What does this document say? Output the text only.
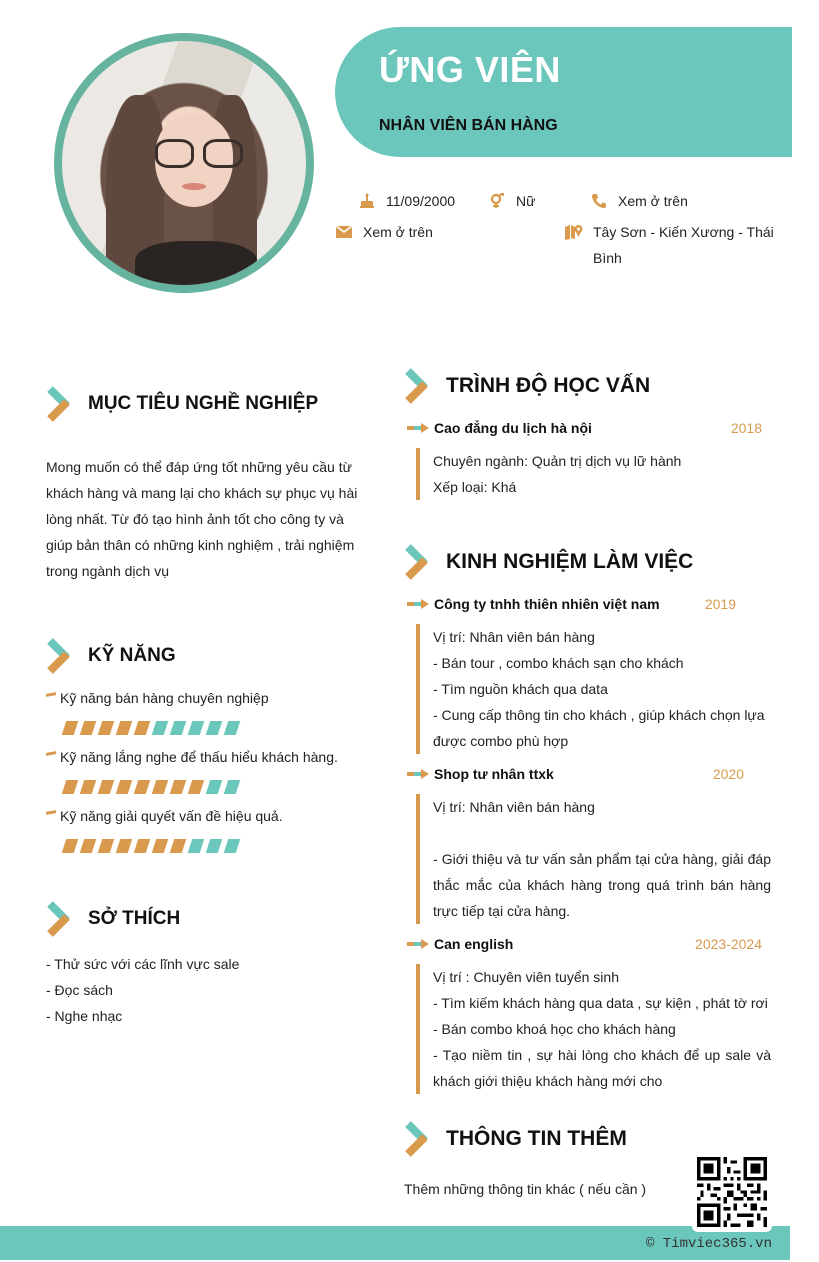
ỨNG VIÊN
NHÂN VIÊN BÁN HÀNG
11/09/2000	Nữ	Xem ở trên
Xem ở trên	Tây Sơn - Kiến Xương - Thái Bình
MỤC TIÊU NGHỀ NGHIỆP
Mong muốn có thể đáp ứng tốt những yêu cầu từ khách hàng và mang lại cho khách sự phục vụ hài lòng nhất. Từ đó tạo hình ảnh tốt cho công ty và giúp bản thân có những kinh nghiệm , trải nghiệm trong ngành dịch vụ
KỸ NĂNG
Kỹ năng bán hàng chuyên nghiệp
Kỹ năng lắng nghe để thấu hiểu khách hàng.
Kỹ năng giải quyết vấn đề hiệu quả.
SỞ THÍCH
- Thử sức với các lĩnh vực sale
- Đọc sách
- Nghe nhạc
TRÌNH ĐỘ HỌC VẤN
Cao đẳng du lịch hà nội	2018
Chuyên ngành: Quản trị dịch vụ lữ hành
Xếp loại: Khá
KINH NGHIỆM LÀM VIỆC
Công ty tnhh thiên nhiên việt nam	2019
Vị trí: Nhân viên bán hàng
- Bán tour , combo khách sạn cho khách
- Tìm nguồn khách qua data
- Cung cấp thông tin cho khách , giúp khách chọn lựa được combo phù hợp
Shop tư nhân ttxk	2020
Vị trí: Nhân viên bán hàng
- Giới thiệu và tư vấn sản phẩm tại cửa hàng, giải đáp thắc mắc của khách hàng trong quá trình bán hàng trực tiếp tại cửa hàng.
Can english	2023-2024
Vị trí : Chuyên viên tuyển sinh
- Tìm kiếm khách hàng qua data , sự kiện , phát tờ rơi
- Bán combo khoá học cho khách hàng
- Tạo niềm tin , sự hài lòng cho khách để up sale và khách giới thiệu khách hàng mới cho
THÔNG TIN THÊM
Thêm những thông tin khác ( nếu cần )
© Timviec365.vn
